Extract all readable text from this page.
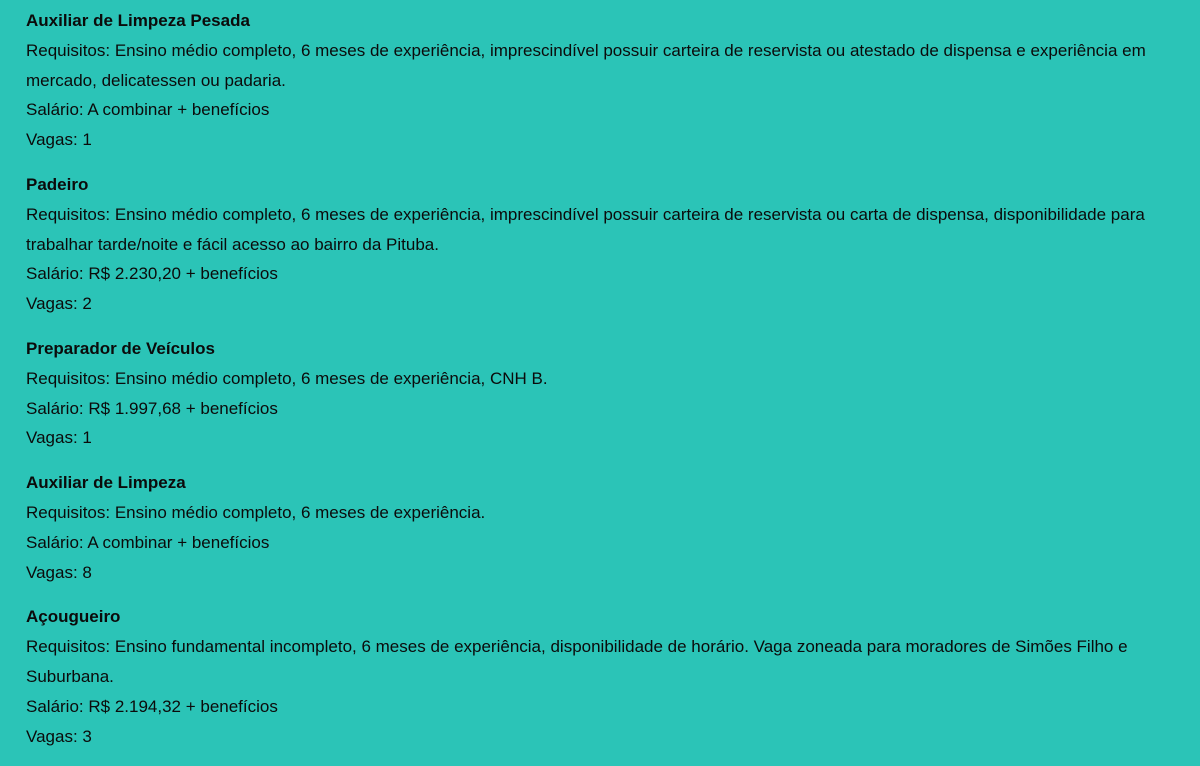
Auxiliar de Limpeza Pesada
Requisitos: Ensino médio completo, 6 meses de experiência, imprescindível possuir carteira de reservista ou atestado de dispensa e experiência em mercado, delicatessen ou padaria.
Salário: A combinar + benefícios
Vagas: 1
Padeiro
Requisitos: Ensino médio completo, 6 meses de experiência, imprescindível possuir carteira de reservista ou carta de dispensa, disponibilidade para trabalhar tarde/noite e fácil acesso ao bairro da Pituba.
Salário: R$ 2.230,20 + benefícios
Vagas: 2
Preparador de Veículos
Requisitos: Ensino médio completo, 6 meses de experiência, CNH B.
Salário: R$ 1.997,68 + benefícios
Vagas: 1
Auxiliar de Limpeza
Requisitos: Ensino médio completo, 6 meses de experiência.
Salário: A combinar + benefícios
Vagas: 8
Açougueiro
Requisitos: Ensino fundamental incompleto, 6 meses de experiência, disponibilidade de horário. Vaga zoneada para moradores de Simões Filho e Suburbana.
Salário: R$ 2.194,32 + benefícios
Vagas: 3
